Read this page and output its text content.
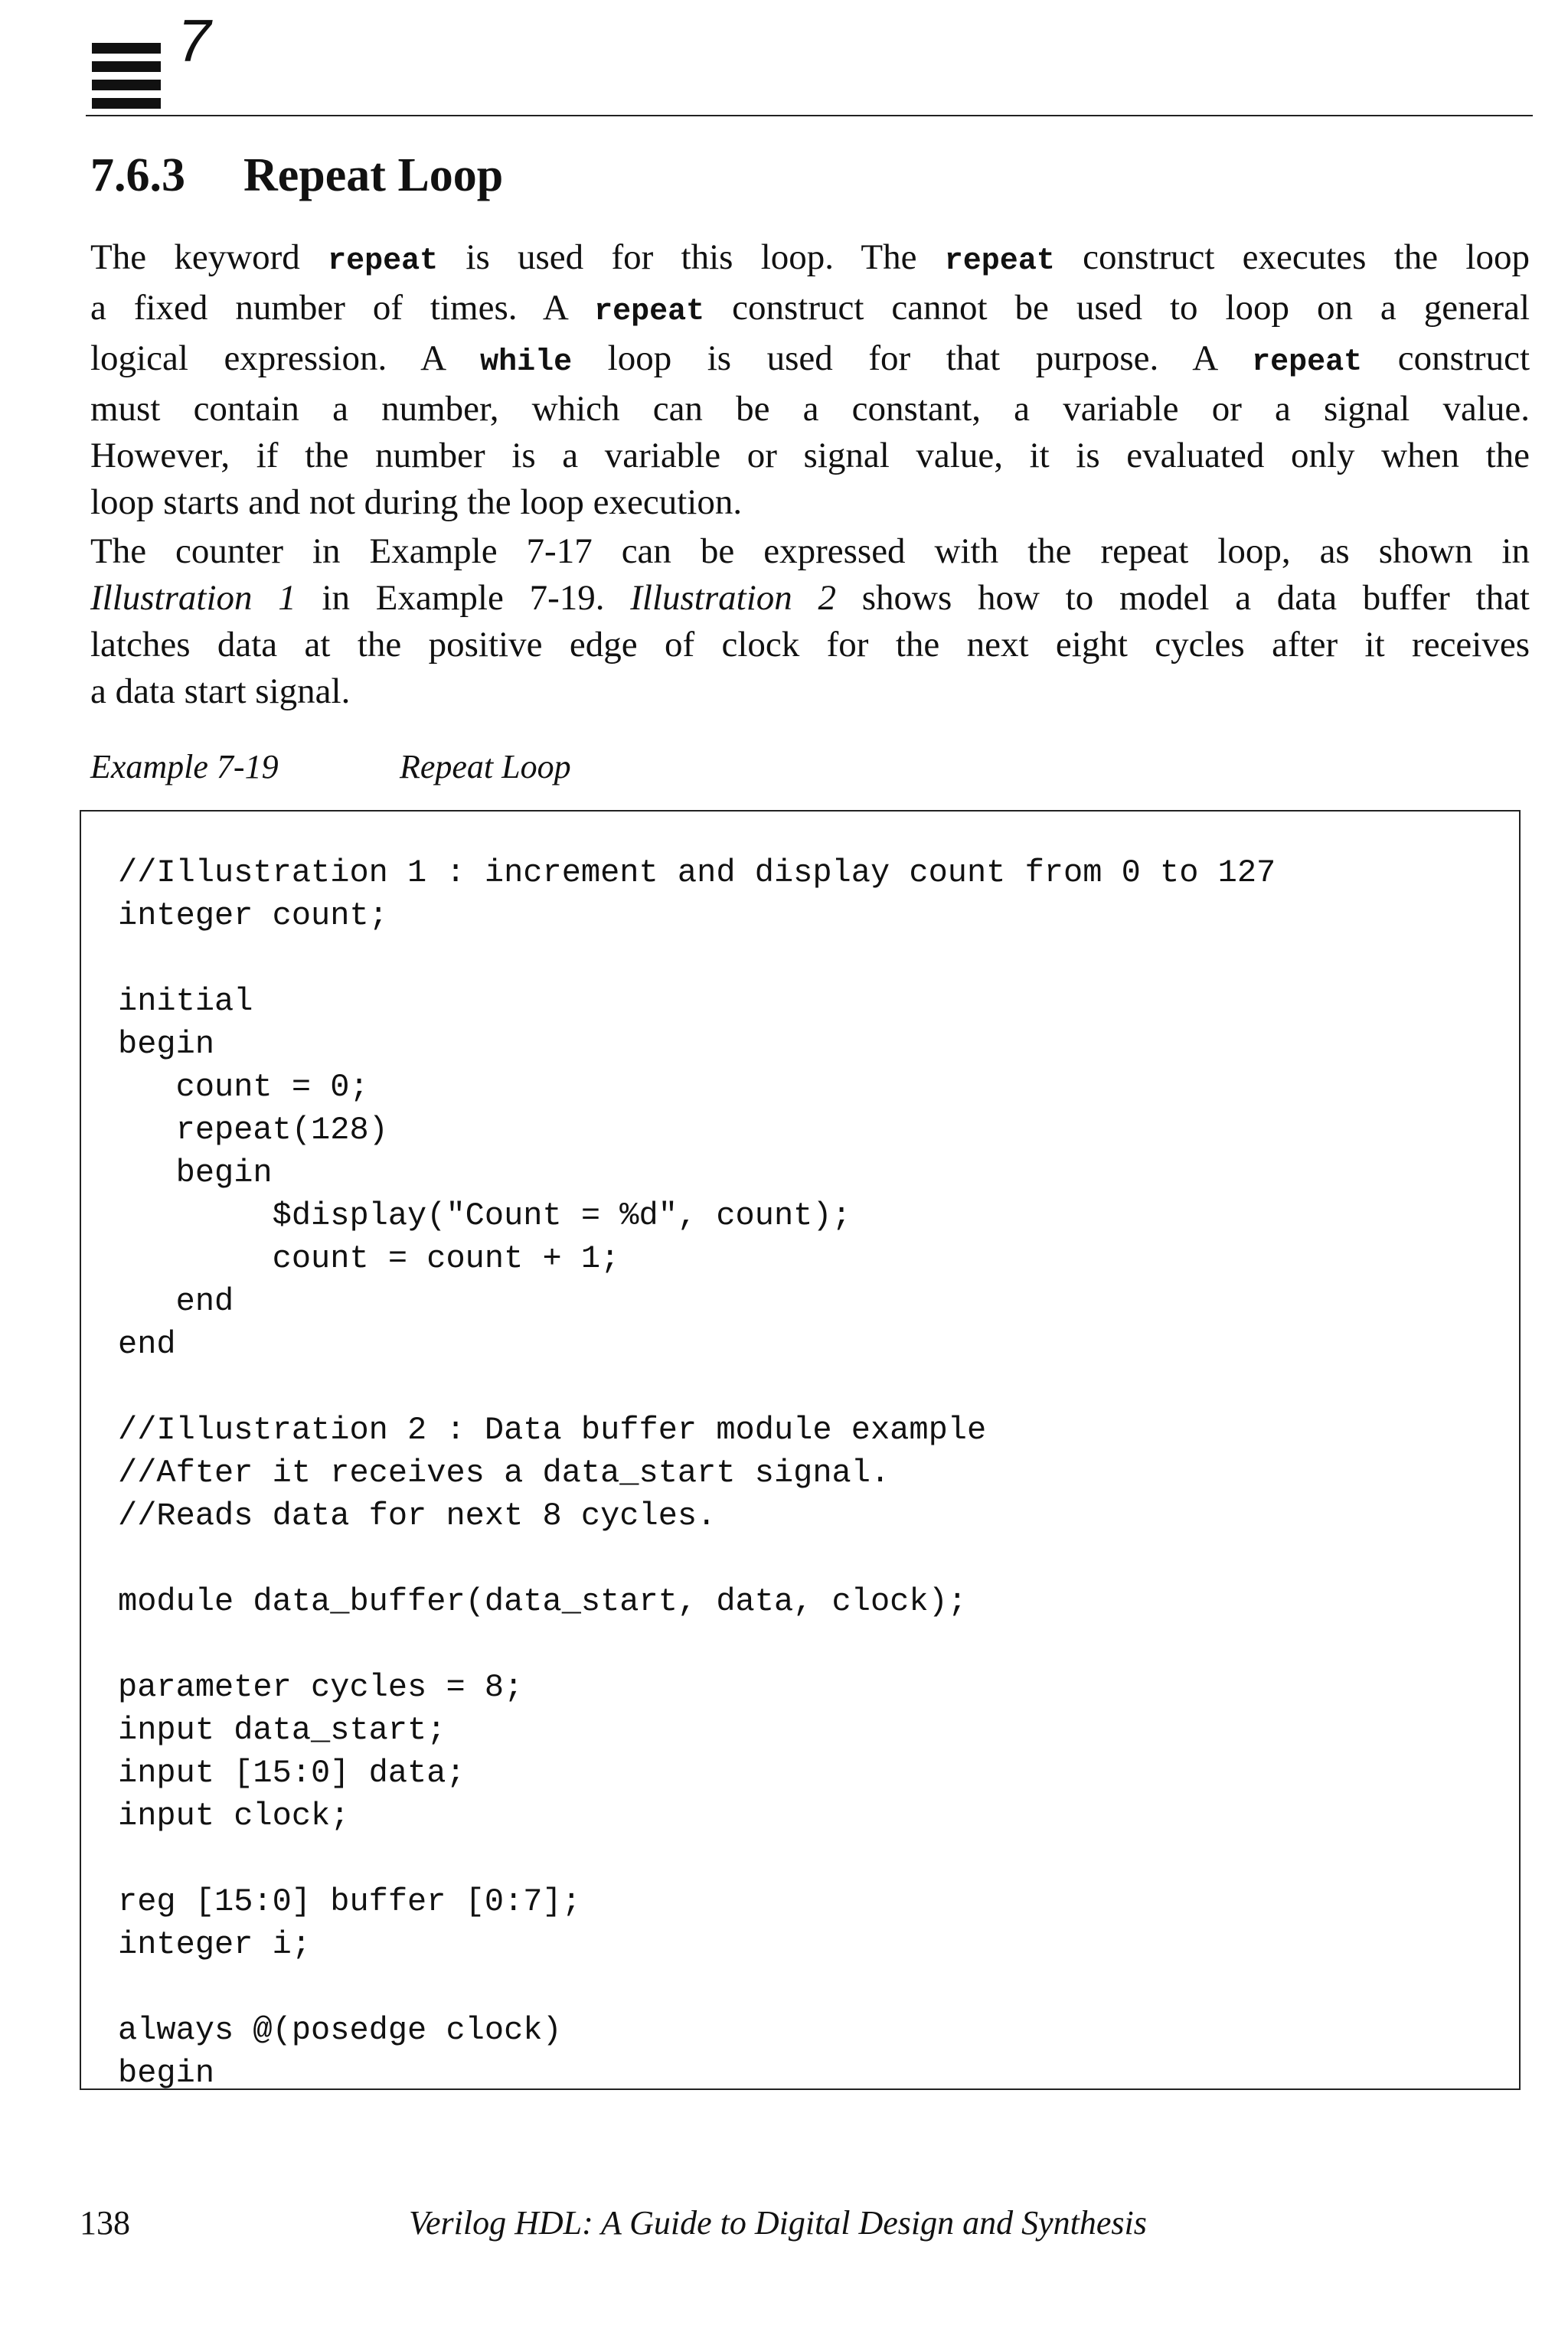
7
7.6.3 Repeat Loop
The keyword repeat is used for this loop. The repeat construct executes the loop
a fixed number of times. A repeat construct cannot be used to loop on a general
logical expression. A while loop is used for that purpose. A repeat construct
must contain a number, which can be a constant, a variable or a signal value.
However, if the number is a variable or signal value, it is evaluated only when the
loop starts and not during the loop execution.
The counter in Example 7-17 can be expressed with the repeat loop, as shown in
Illustration 1 in Example 7-19. Illustration 2 shows how to model a data buffer that
latches data at the positive edge of clock for the next eight cycles after it receives
a data start signal.
Example 7-19	Repeat Loop
//Illustration 1 : increment and display count from 0 to 127
integer count;
initial
begin
count = 0;
repeat(128)
begin
$display("Count = %d", count);
count = count + 1;
end
end
//Illustration 2 : Data buffer module example
//After it receives a data_start signal.
//Reads data for next 8 cycles.
module data_buffer(data_start, data, clock);
parameter cycles = 8;
input data_start;
input [15:0] data;
input clock;
reg [15:0] buffer [0:7];
integer i;
always @(posedge clock)
begin
138	Verilog HDL: A Guide to Digital Design and Synthesis
